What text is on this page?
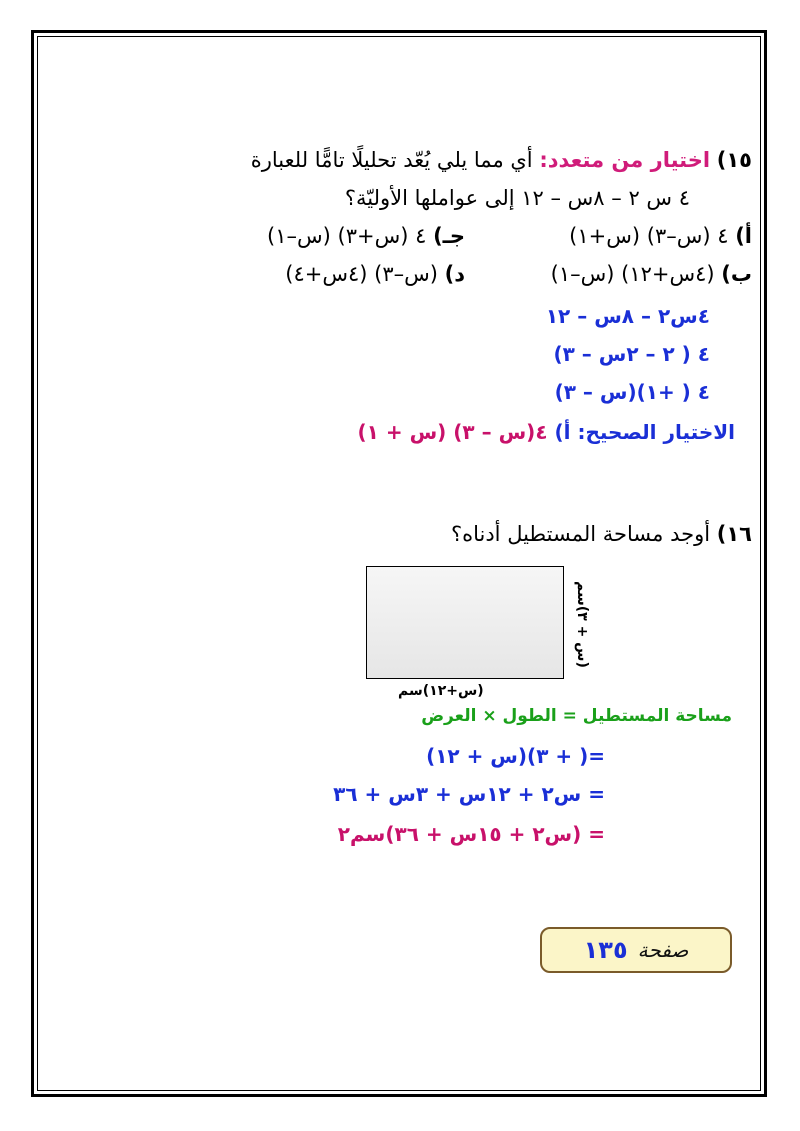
١٥) اختيار من متعدد: أي مما يلي يُعّد تحليلًا تامًّا للعبارة
٤ س ٢ – ٨س – ١٢ إلى عواملها الأوليّة؟
أ) ٤ (س–٣) (س+١)
جـ) ٤ (س+٣) (س–١)
ب) (٤س+١٢) (س–١)
د) (س–٣) (٤س+٤)
٤س٢ – ٨س – ١٢
٤ ( ٢ – ٢س – ٣)
٤ ( +١)(س – ٣)
الاختيار الصحيح: أ) ٤(س – ٣) (س + ١)
١٦) أوجد مساحة المستطيل أدناه؟
(س + ٣)سم
(س+١٢)سم
مساحة المستطيل = الطول × العرض
=( + ٣)(س + ١٢)
= س٢ + ١٢س + ٣س + ٣٦
= (س٢ + ١٥س + ٣٦)سم٢
صفحة
١٣٥
